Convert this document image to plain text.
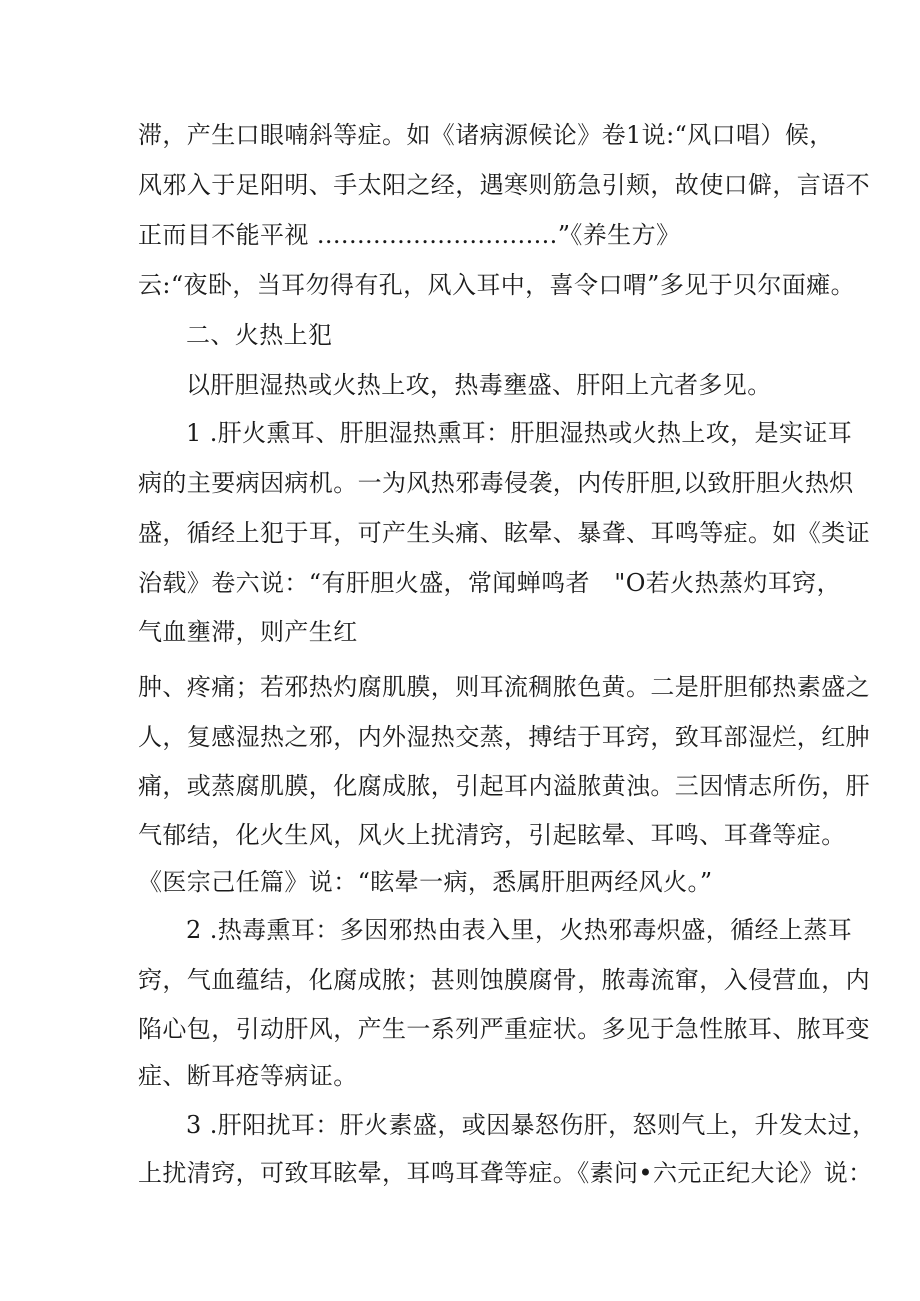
滞，产生口眼喃斜等症。如《诸病源候论》卷1说:“风口唱）候，
风邪入于足阳明、手太阳之经，遇寒则筋急引颊，故使口僻，言语不
正而目不能平视 ..............................”《养生方》
云:“夜卧，当耳勿得有孔，风入耳中，喜令口喟”多见于贝尔面瘫。
二、火热上犯
以肝胆湿热或火热上攻，热毒壅盛、肝阳上亢者多见。
1 .肝火熏耳、肝胆湿热熏耳：肝胆湿热或火热上攻，是实证耳
病的主要病因病机。一为风热邪毒侵袭，内传肝胆,以致肝胆火热炽
盛，循经上犯于耳，可产生头痛、眩晕、暴聋、耳鸣等症。如《类证
治载》卷六说：“有肝胆火盛，常闻蝉鸣者　"O若火热蒸灼耳窍，
气血壅滞，则产生红
肿、疼痛；若邪热灼腐肌膜，则耳流稠脓色黄。二是肝胆郁热素盛之
人，复感湿热之邪，内外湿热交蒸，搏结于耳窍，致耳部湿烂，红肿
痛，或蒸腐肌膜，化腐成脓，引起耳内溢脓黄浊。三因情志所伤，肝
气郁结，化火生风，风火上扰清窍，引起眩晕、耳鸣、耳聋等症。
《医宗己任篇》说：“眩晕一病，悉属肝胆两经风火。”
2 .热毒熏耳：多因邪热由表入里，火热邪毒炽盛，循经上蒸耳
窍，气血蕴结，化腐成脓；甚则蚀膜腐骨，脓毒流窜，入侵营血，内
陷心包，引动肝风，产生一系列严重症状。多见于急性脓耳、脓耳变
症、断耳疮等病证。
3 .肝阳扰耳：肝火素盛，或因暴怒伤肝，怒则气上，升发太过，
上扰清窍，可致耳眩晕，耳鸣耳聋等症。《素问•六元正纪大论》说：
